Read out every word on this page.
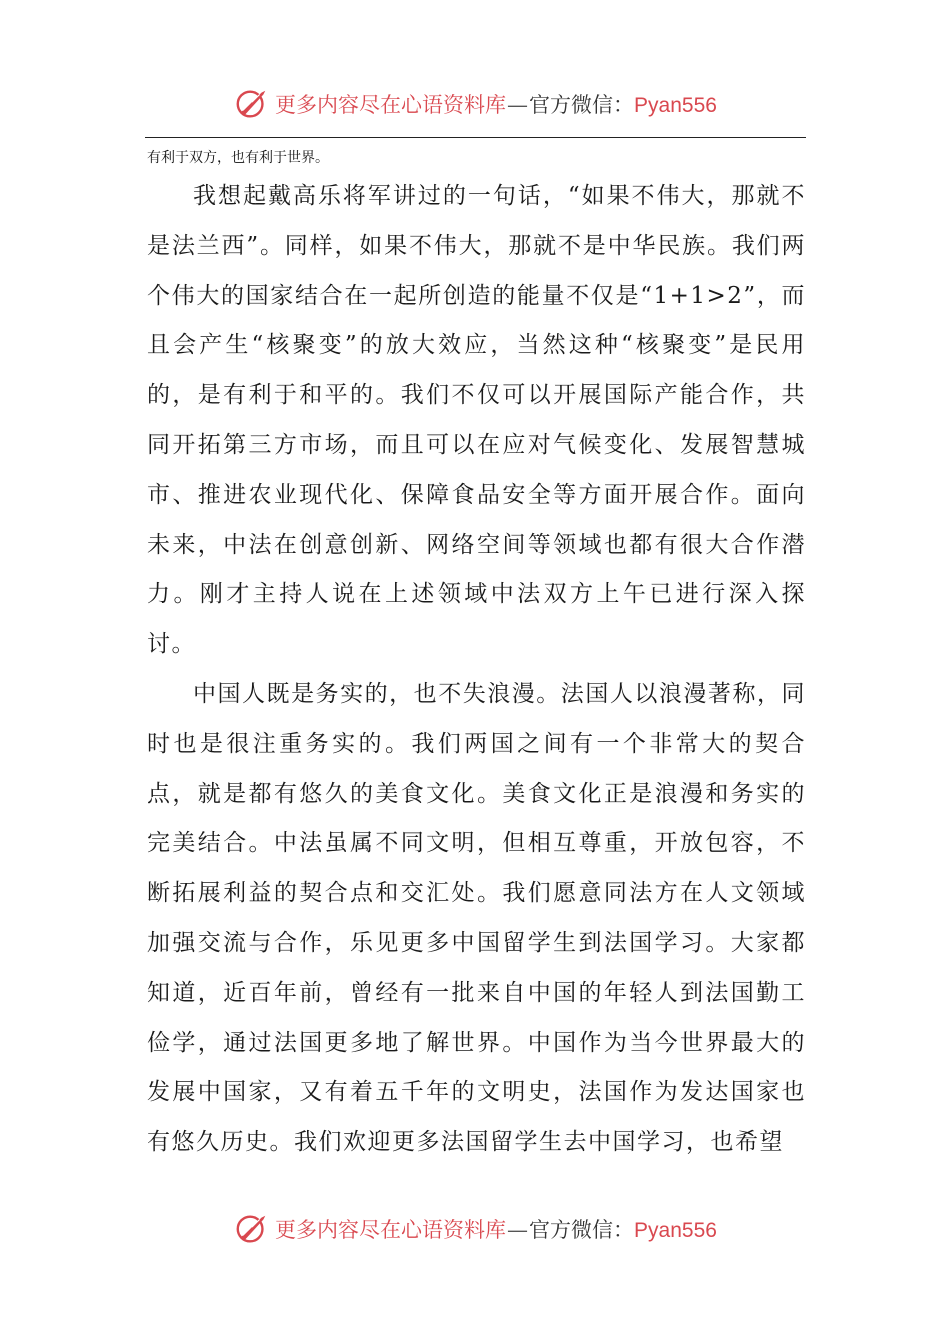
更多内容尽在心语资料库—官方微信：Pyan556
有利于双方，也有利于世界。

我想起戴高乐将军讲过的一句话，“如果不伟大，那就不是法兰西”。同样，如果不伟大，那就不是中华民族。我们两个伟大的国家结合在一起所创造的能量不仅是“1+1>2”，而且会产生“核聚变”的放大效应，当然这种“核聚变”是民用的，是有利于和平的。我们不仅可以开展国际产能合作，共同开拓第三方市场，而且可以在应对气候变化、发展智慧城市、推进农业现代化、保障食品安全等方面开展合作。面向未来，中法在创意创新、网络空间等领域也都有很大合作潜力。刚才主持人说在上述领域中法双方上午已进行深入探讨。

中国人既是务实的，也不失浪漫。法国人以浪漫著称，同时也是很注重务实的。我们两国之间有一个非常大的契合点，就是都有悠久的美食文化。美食文化正是浪漫和务实的完美结合。中法虽属不同文明，但相互尊重，开放包容，不断拓展利益的契合点和交汇处。我们愿意同法方在人文领域加强交流与合作，乐见更多中国留学生到法国学习。大家都知道，近百年前，曾经有一批来自中国的年轻人到法国勤工俭学，通过法国更多地了解世界。中国作为当今世界最大的发展中国家，又有着五千年的文明史，法国作为发达国家也有悠久历史。我们欢迎更多法国留学生去中国学习，也希望

更多内容尽在心语资料库—官方微信：Pyan556
